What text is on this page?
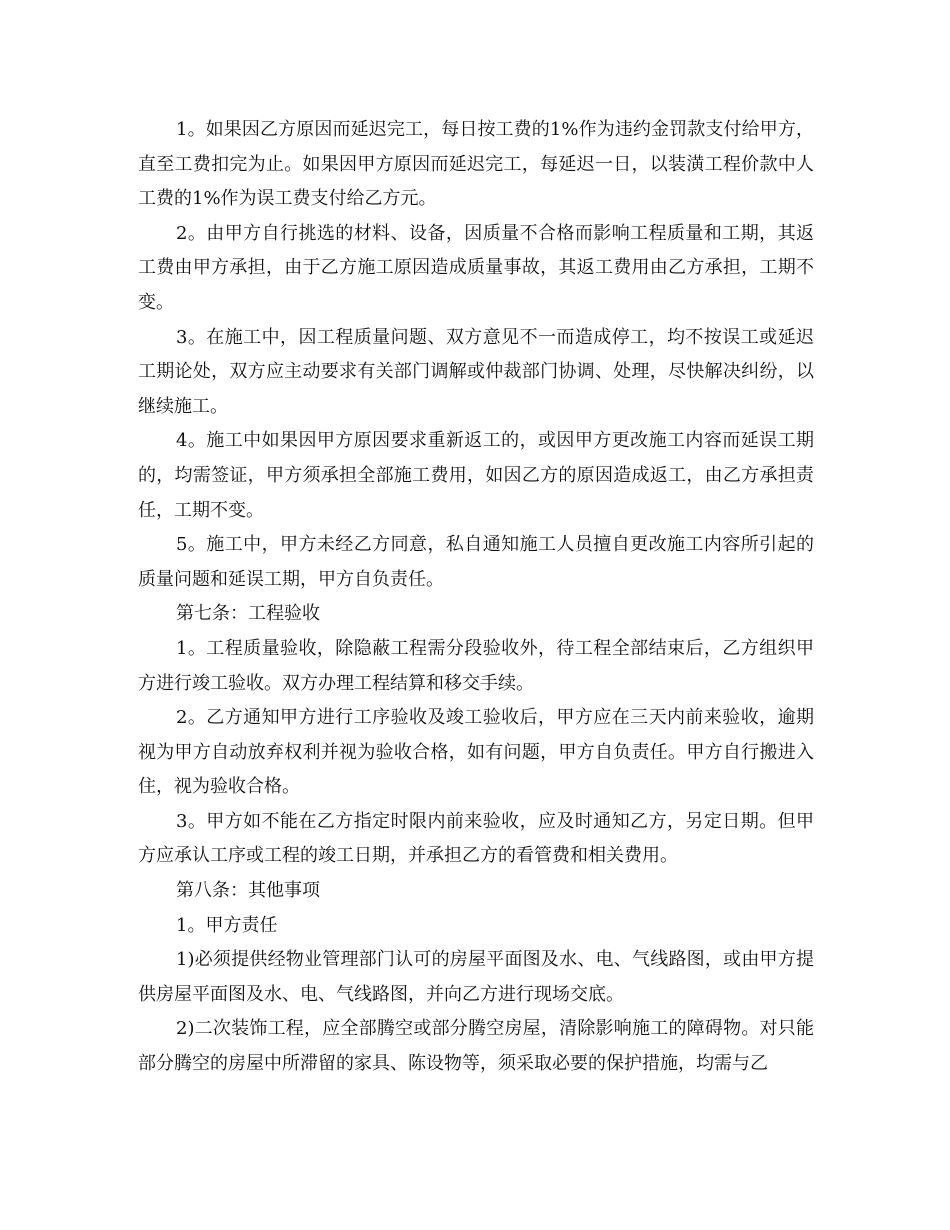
1。如果因乙方原因而延迟完工，每日按工费的1%作为违约金罚款支付给甲方，直至工费扣完为止。如果因甲方原因而延迟完工，每延迟一日，以装潢工程价款中人工费的1%作为误工费支付给乙方元。

2。由甲方自行挑选的材料、设备，因质量不合格而影响工程质量和工期，其返工费由甲方承担，由于乙方施工原因造成质量事故，其返工费用由乙方承担，工期不变。

3。在施工中，因工程质量问题、双方意见不一而造成停工，均不按误工或延迟工期论处，双方应主动要求有关部门调解或仲裁部门协调、处理，尽快解决纠纷，以继续施工。

4。施工中如果因甲方原因要求重新返工的，或因甲方更改施工内容而延误工期的，均需签证，甲方须承担全部施工费用，如因乙方的原因造成返工，由乙方承担责任，工期不变。

5。施工中，甲方未经乙方同意，私自通知施工人员擅自更改施工内容所引起的质量问题和延误工期，甲方自负责任。

第七条：工程验收

1。工程质量验收，除隐蔽工程需分段验收外，待工程全部结束后，乙方组织甲方进行竣工验收。双方办理工程结算和移交手续。

2。乙方通知甲方进行工序验收及竣工验收后，甲方应在三天内前来验收，逾期视为甲方自动放弃权利并视为验收合格，如有问题，甲方自负责任。甲方自行搬进入住，视为验收合格。

3。甲方如不能在乙方指定时限内前来验收，应及时通知乙方，另定日期。但甲方应承认工序或工程的竣工日期，并承担乙方的看管费和相关费用。

第八条：其他事项

1。甲方责任

1)必须提供经物业管理部门认可的房屋平面图及水、电、气线路图，或由甲方提供房屋平面图及水、电、气线路图，并向乙方进行现场交底。

2)二次装饰工程，应全部腾空或部分腾空房屋，清除影响施工的障碍物。对只能部分腾空的房屋中所滞留的家具、陈设物等，须采取必要的保护措施，均需与乙
